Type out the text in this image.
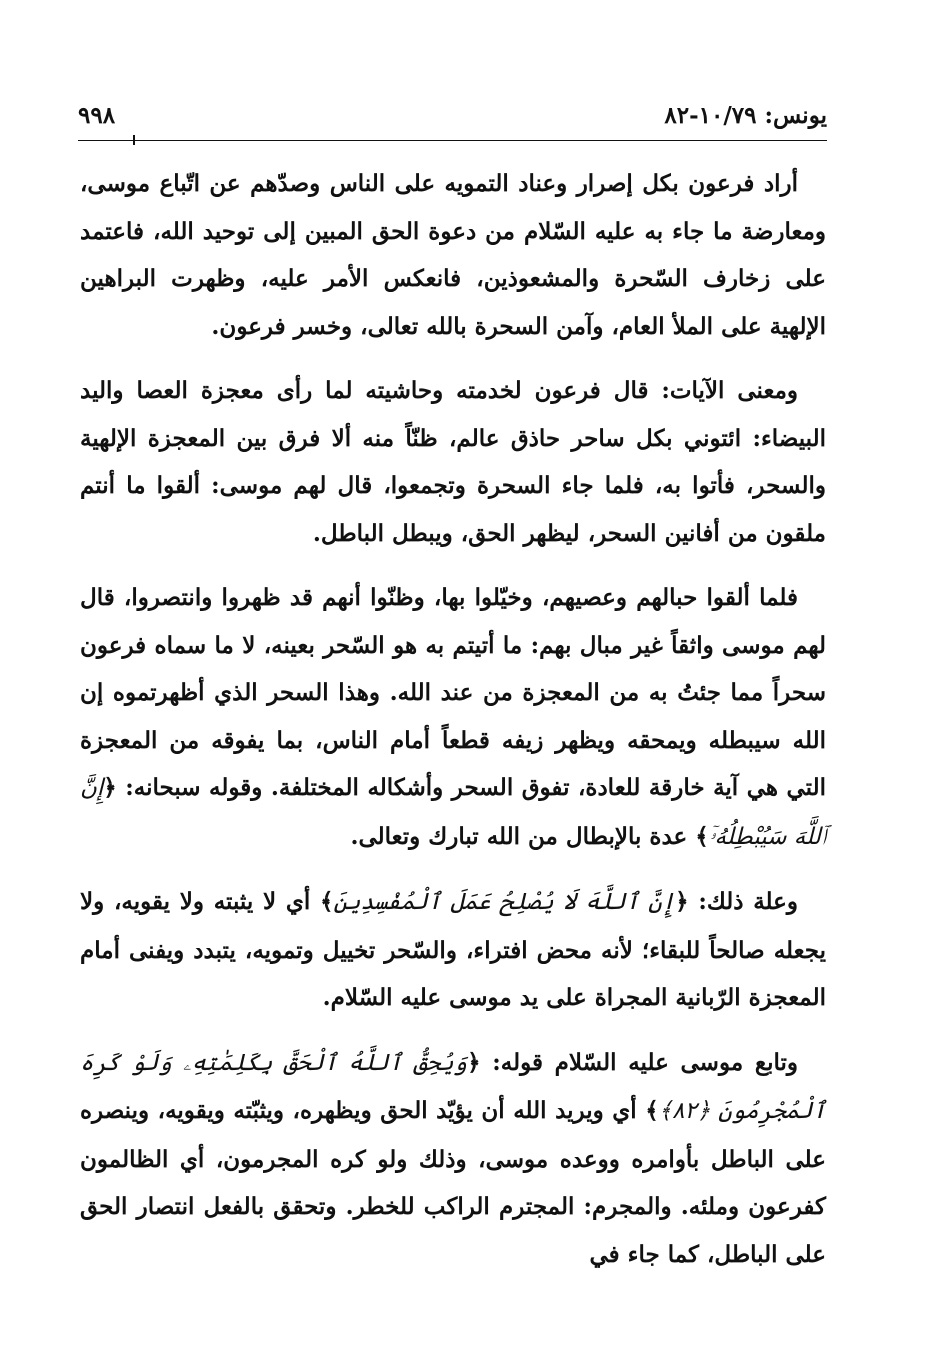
يونس: ١٠/٧٩-٨٢
٩٩٨

أراد فرعون بكل إصرار وعناد التمويه على الناس وصدّهم عن اتّباع موسى، ومعارضة ما جاء به عليه السّلام من دعوة الحق المبين إلى توحيد الله، فاعتمد على زخارف السّحرة والمشعوذين، فانعكس الأمر عليه، وظهرت البراهين الإلهية على الملأ العام، وآمن السحرة بالله تعالى، وخسر فرعون.

ومعنى الآيات: قال فرعون لخدمته وحاشيته لما رأى معجزة العصا واليد البيضاء: ائتوني بكل ساحر حاذق عالم، ظنّاً منه ألا فرق بين المعجزة الإلهية والسحر، فأتوا به، فلما جاء السحرة وتجمعوا، قال لهم موسى: ألقوا ما أنتم ملقون من أفانين السحر، ليظهر الحق، ويبطل الباطل.

فلما ألقوا حبالهم وعصيهم، وخيّلوا بها، وظنّوا أنهم قد ظهروا وانتصروا، قال لهم موسى واثقاً غير مبال بهم: ما أتيتم به هو السّحر بعينه، لا ما سماه فرعون سحراً مما جئتُ به من المعجزة من عند الله. وهذا السحر الذي أظهرتموه إن الله سيبطله ويمحقه ويظهر زيفه قطعاً أمام الناس، بما يفوقه من المعجزة التي هي آية خارقة للعادة، تفوق السحر وأشكاله المختلفة. وقوله سبحانه: ﴿إِنَّ ٱللَّهَ سَيُبْطِلُهُۥٓ﴾ عدة بالإبطال من الله تبارك وتعالى.

وعلة ذلك: ﴿إِنَّ ٱللَّهَ لَا يُصْلِحُ عَمَلَ ٱلْمُفْسِدِينَ﴾ أي لا يثبته ولا يقويه، ولا يجعله صالحاً للبقاء؛ لأنه محض افتراء، والسّحر تخييل وتمويه، يتبدد ويفنى أمام المعجزة الرّبانية المجراة على يد موسى عليه السّلام.

وتابع موسى عليه السّلام قوله: ﴿وَيُحِقُّ ٱللَّهُ ٱلْحَقَّ بِكَلِمَٰتِهِۦ وَلَوْ كَرِهَ ٱلْمُجْرِمُونَ ﴿٨٢﴾﴾ أي ويريد الله أن يؤيّد الحق ويظهره، ويثبّته ويقويه، وينصره على الباطل بأوامره ووعده موسى، وذلك ولو كره المجرمون، أي الظالمون كفرعون وملئه. والمجرم: المجترم الراكب للخطر. وتحقق بالفعل انتصار الحق على الباطل، كما جاء في
